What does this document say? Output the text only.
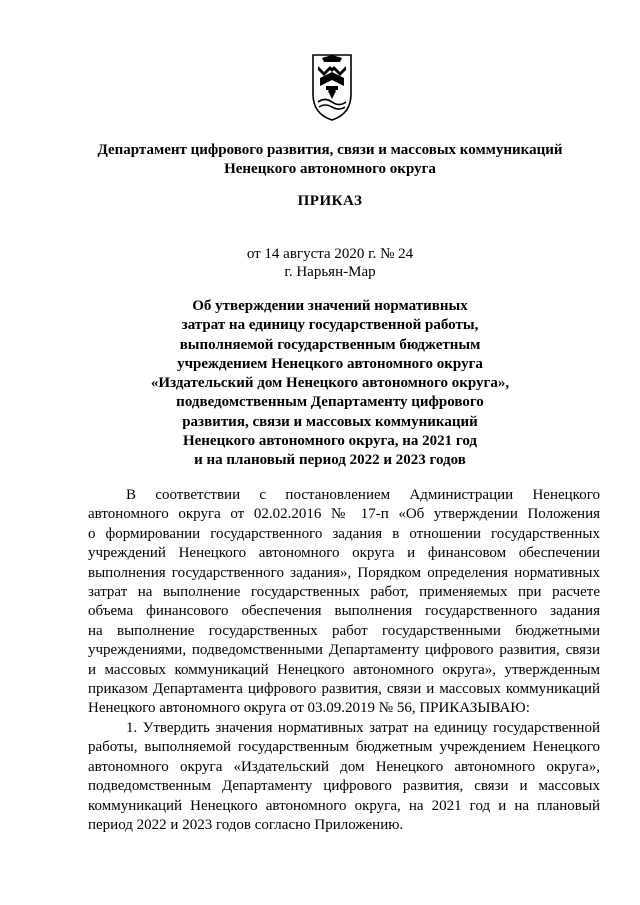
Департамент цифрового развития, связи и массовых коммуникаций
Ненецкого автономного округа
ПРИКАЗ
от 14 августа 2020 г. № 24
г. Нарьян-Мар
Об утверждении значений нормативных
затрат на единицу государственной работы,
выполняемой государственным бюджетным
учреждением Ненецкого автономного округа
«Издательский дом Ненецкого автономного округа»,
подведомственным Департаменту цифрового
развития, связи и массовых коммуникаций
Ненецкого автономного округа, на 2021 год
и на плановый период 2022 и 2023 годов
В соответствии с постановлением Администрации Ненецкого
автономного округа от 02.02.2016 № 17-п «Об утверждении Положения
о формировании государственного задания в отношении государственных
учреждений Ненецкого автономного округа и финансовом обеспечении
выполнения государственного задания», Порядком определения нормативных
затрат на выполнение государственных работ, применяемых при расчете
объема финансового обеспечения выполнения государственного задания
на выполнение государственных работ государственными бюджетными
учреждениями, подведомственными Департаменту цифрового развития, связи
и массовых коммуникаций Ненецкого автономного округа», утвержденным
приказом Департамента цифрового развития, связи и массовых коммуникаций
Ненецкого автономного округа от 03.09.2019 № 56, ПРИКАЗЫВАЮ:
1. Утвердить значения нормативных затрат на единицу государственной
работы, выполняемой государственным бюджетным учреждением Ненецкого
автономного округа «Издательский дом Ненецкого автономного округа»,
подведомственным Департаменту цифрового развития, связи и массовых
коммуникаций Ненецкого автономного округа, на 2021 год и на плановый
период 2022 и 2023 годов согласно Приложению.
